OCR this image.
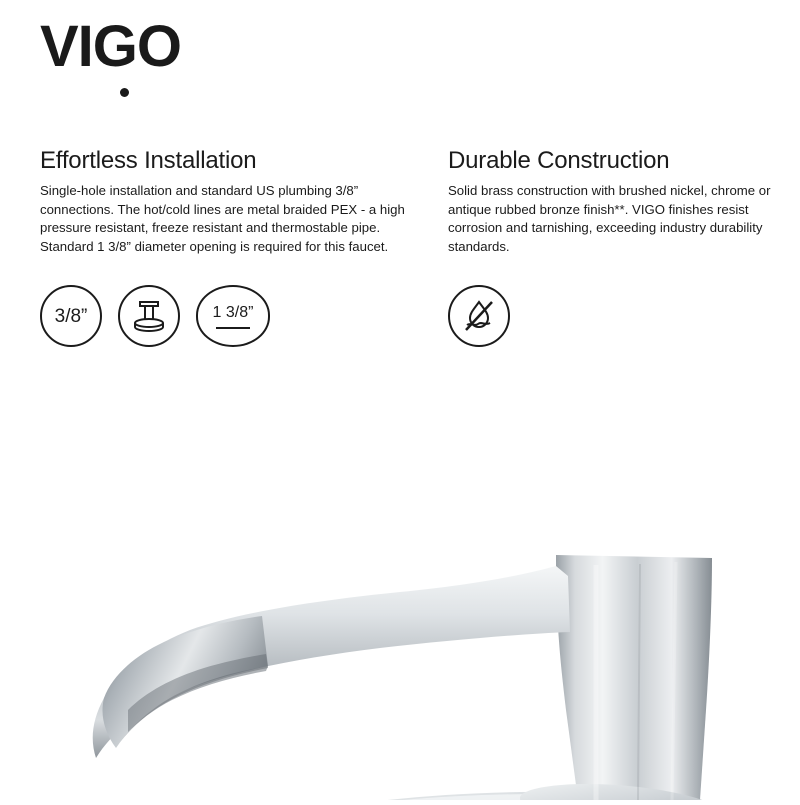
VIGO
Effortless Installation

Single-hole installation and standard US plumbing 3/8” connections. The hot/cold lines are metal braided PEX - a high pressure resistant, freeze resistant and thermostable pipe. Standard 1 3/8” diameter opening is required for this faucet.

3/8”	1 3/8”
Durable Construction

Solid brass construction with brushed nickel, chrome or antique rubbed bronze finish**. VIGO finishes resist corrosion and tarnishing, exceeding industry durability standards.
